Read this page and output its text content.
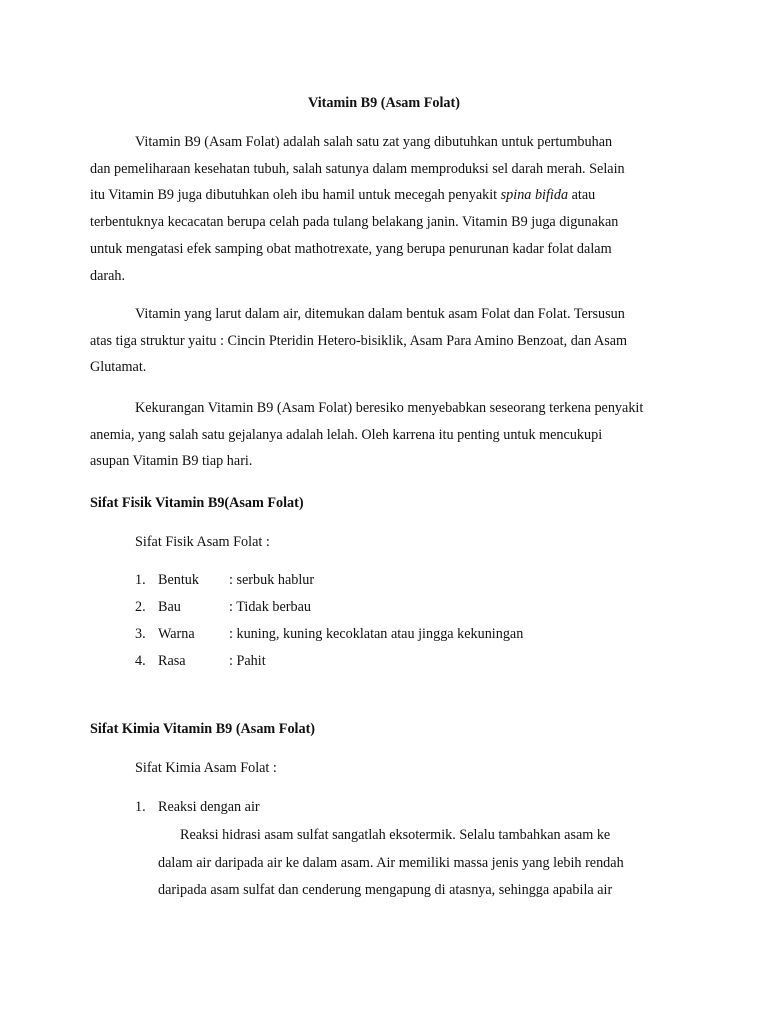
Vitamin B9 (Asam Folat)

Vitamin B9 (Asam Folat) adalah salah satu zat yang dibutuhkan untuk pertumbuhan
dan pemeliharaan kesehatan tubuh, salah satunya dalam memproduksi sel darah merah. Selain
itu Vitamin B9 juga dibutuhkan oleh ibu hamil untuk mecegah penyakit spina bifida atau
terbentuknya kecacatan berupa celah pada tulang belakang janin. Vitamin B9 juga digunakan
untuk mengatasi efek samping obat mathotrexate, yang berupa penurunan kadar folat dalam
darah.

Vitamin yang larut dalam air, ditemukan dalam bentuk asam Folat dan Folat. Tersusun
atas tiga struktur yaitu : Cincin Pteridin Hetero-bisiklik, Asam Para Amino Benzoat, dan Asam
Glutamat.

Kekurangan Vitamin B9 (Asam Folat) beresiko menyebabkan seseorang terkena penyakit
anemia, yang salah satu gejalanya adalah lelah. Oleh karrena itu penting untuk mencukupi
asupan Vitamin B9 tiap hari.

Sifat Fisik Vitamin B9(Asam Folat)
Sifat Fisik Asam Folat :
1. Bentuk : serbuk hablur
2. Bau	: Tidak berbau
3. Warna : kuning, kuning kecoklatan atau jingga kekuningan
4. Rasa	: Pahit
Sifat Kimia Vitamin B9 (Asam Folat)
Sifat Kimia Asam Folat :
1. Reaksi dengan air
Reaksi hidrasi asam sulfat sangatlah eksotermik. Selalu tambahkan asam ke
dalam air daripada air ke dalam asam. Air memiliki massa jenis yang lebih rendah
daripada asam sulfat dan cenderung mengapung di atasnya, sehingga apabila air
